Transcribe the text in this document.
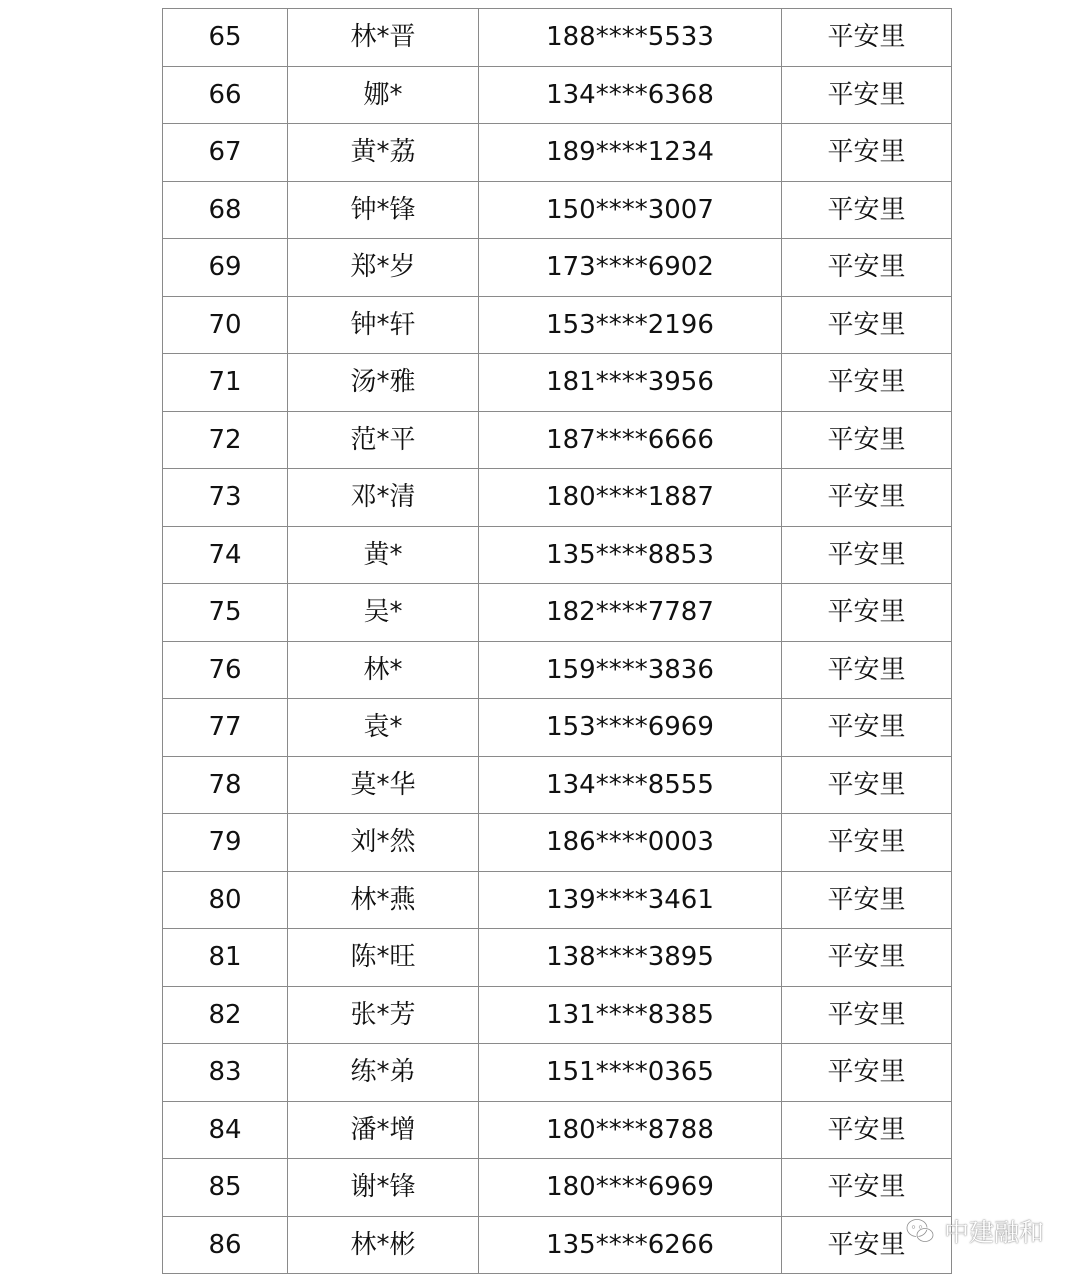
65	林*晋	188****5533	平安里
66	娜*	134****6368	平安里
67	黄*荔	189****1234	平安里
68	钟*锋	150****3007	平安里
69	郑*岁	173****6902	平安里
70	钟*轩	153****2196	平安里
71	汤*雅	181****3956	平安里
72	范*平	187****6666	平安里
73	邓*清	180****1887	平安里
74	黄*	135****8853	平安里
75	吴*	182****7787	平安里
76	林*	159****3836	平安里
77	袁*	153****6969	平安里
78	莫*华	134****8555	平安里
79	刘*然	186****0003	平安里
80	林*燕	139****3461	平安里
81	陈*旺	138****3895	平安里
82	张*芳	131****8385	平安里
83	练*弟	151****0365	平安里
84	潘*增	180****8788	平安里
85	谢*锋	180****6969	平安里
86	林*彬	135****6266	平安里 中建融和
